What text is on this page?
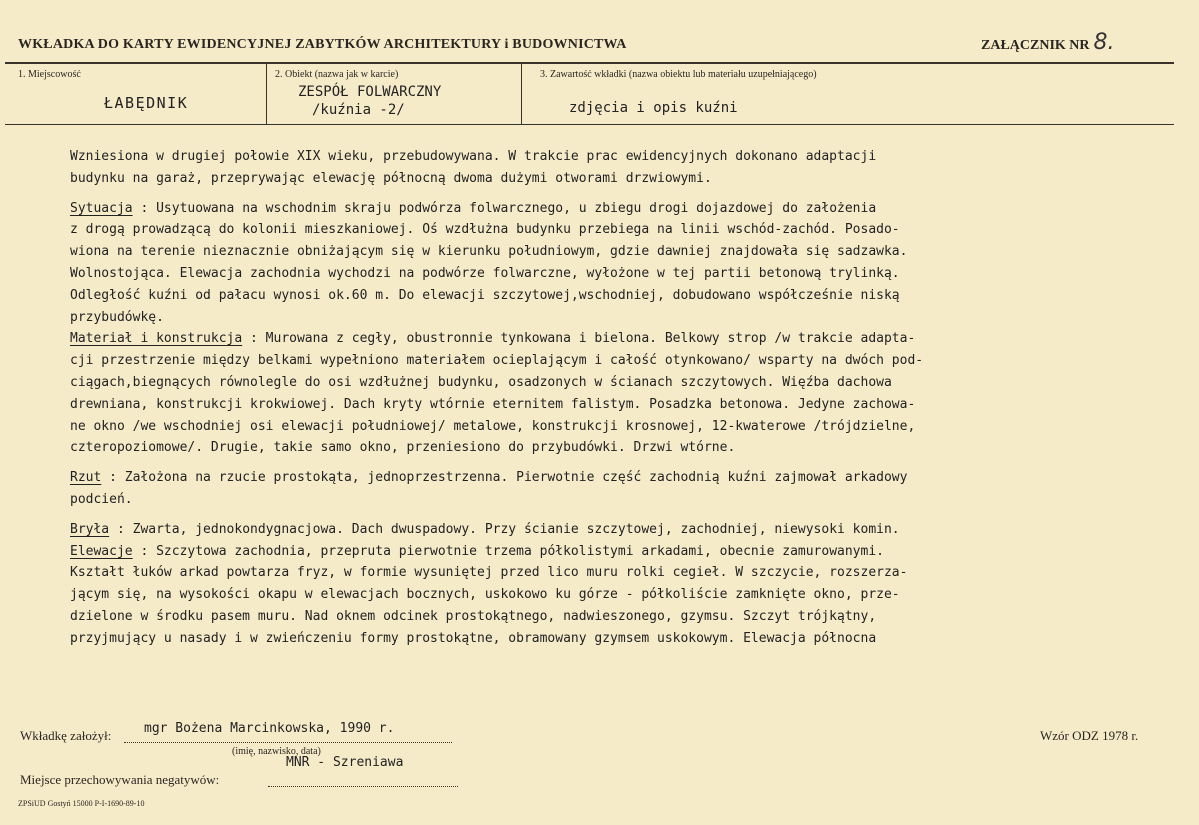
WKŁADKA DO KARTY EWIDENCYJNEJ ZABYTKÓW ARCHITEKTURY i BUDOWNICTWA	ZAŁĄCZNIK NR 8.
1. Miejscowość
ŁABĘDNIK
2. Obiekt (nazwa jak w karcie)
ZESPÓŁ FOLWARCZNY
/kuźnia -2/
3. Zawartość wkładki (nazwa obiektu lub materiału uzupełniającego)
zdjęcia i opis kuźni
Wzniesiona w drugiej połowie XIX wieku, przebudowywana. W trakcie prac ewidencyjnych dokonano adaptacji
budynku na garaż, przeprуwając elewację północną dwoma dużymi otworami drzwiowymi.
Sytuacja : Usytuowana na wschodnim skraju podwórza folwarcznego, u zbiegu drogi dojazdowej do założenia
z drogą prowadzącą do kolonii mieszkaniowej. Oś wzdłużna budynku przebiega na linii wschód-zachód. Posado-
wiona na terenie nieznacznie obniżającym się w kierunku południowym, gdzie dawniej znajdowała się sadzawka.
Wolnostojąca. Elewacja zachodnia wychodzi na podwórze folwarczne, wyłożone w tej partii betonową trylinką.
Odległość kuźni od pałacu wynosi ok.60 m. Do elewacji szczytowej,wschodniej, dobudowano współcześnie niską
przybudówkę.
Materiał i konstrukcja : Murowana z cegły, obustronnie tynkowana i bielona. Belkowy strop /w trakcie adapta-
cji przestrzenie między belkami wypełniono materiałem ocieplającym i całość otynkowano/ wsparty na dwóch pod-
ciągach,biegnących równolegle do osi wzdłużnej budynku, osadzonych w ścianach szczytowych. Więźba dachowa
drewniana, konstrukcji krokwiowej. Dach kryty wtórnie eternitem falistym. Posadzka betonowa. Jedyne zachowa-
ne okno /we wschodniej osi elewacji południowej/ metalowe, konstrukcji krosnowej, 12-kwaterowe /trójdzielne,
czteropoziomowe/. Drugie, takie samo okno, przeniesiono do przybudówki. Drzwi wtórne.
Rzut : Założona na rzucie prostokąta, jednoprzestrzenna. Pierwotnie część zachodnią kuźni zajmował arkadowy
podcień.
Bryła : Zwarta, jednokondygnacjowa. Dach dwuspadowy. Przy ścianie szczytowej, zachodniej, niewysoki komin.
Elewacje : Szczytowa zachodnia, przepruta pierwotnie trzema półkolistymi arkadami, obecnie zamurowanymi.
Kształt łuków arkad powtarza fryz, w formie wysuniętej przed lico muru rolki cegieł. W szczycie, rozszerza-
jącym się, na wysokości okapu w elewacjach bocznych, uskokowo ku górze - półkoliście zamknięte okno, prze-
dzielone w środku pasem muru. Nad oknem odcinek prostokątnego, nadwieszonego, gzymsu. Szczyt trójkątny,
przyjmujący u nasady i w zwieńczeniu formy prostokątne, obramowany gzymsem uskokowym. Elewacja północna
Wkładkę założył:	mgr Bożena Marcinkowska, 1990 r.
(imię, nazwisko, data)
Wzór ODZ 1978 r.
MNR - Szreniawa
Miejsce przechowywania negatywów:
ZPSiUD Gostyń 15000 P-I-1690-89-10
